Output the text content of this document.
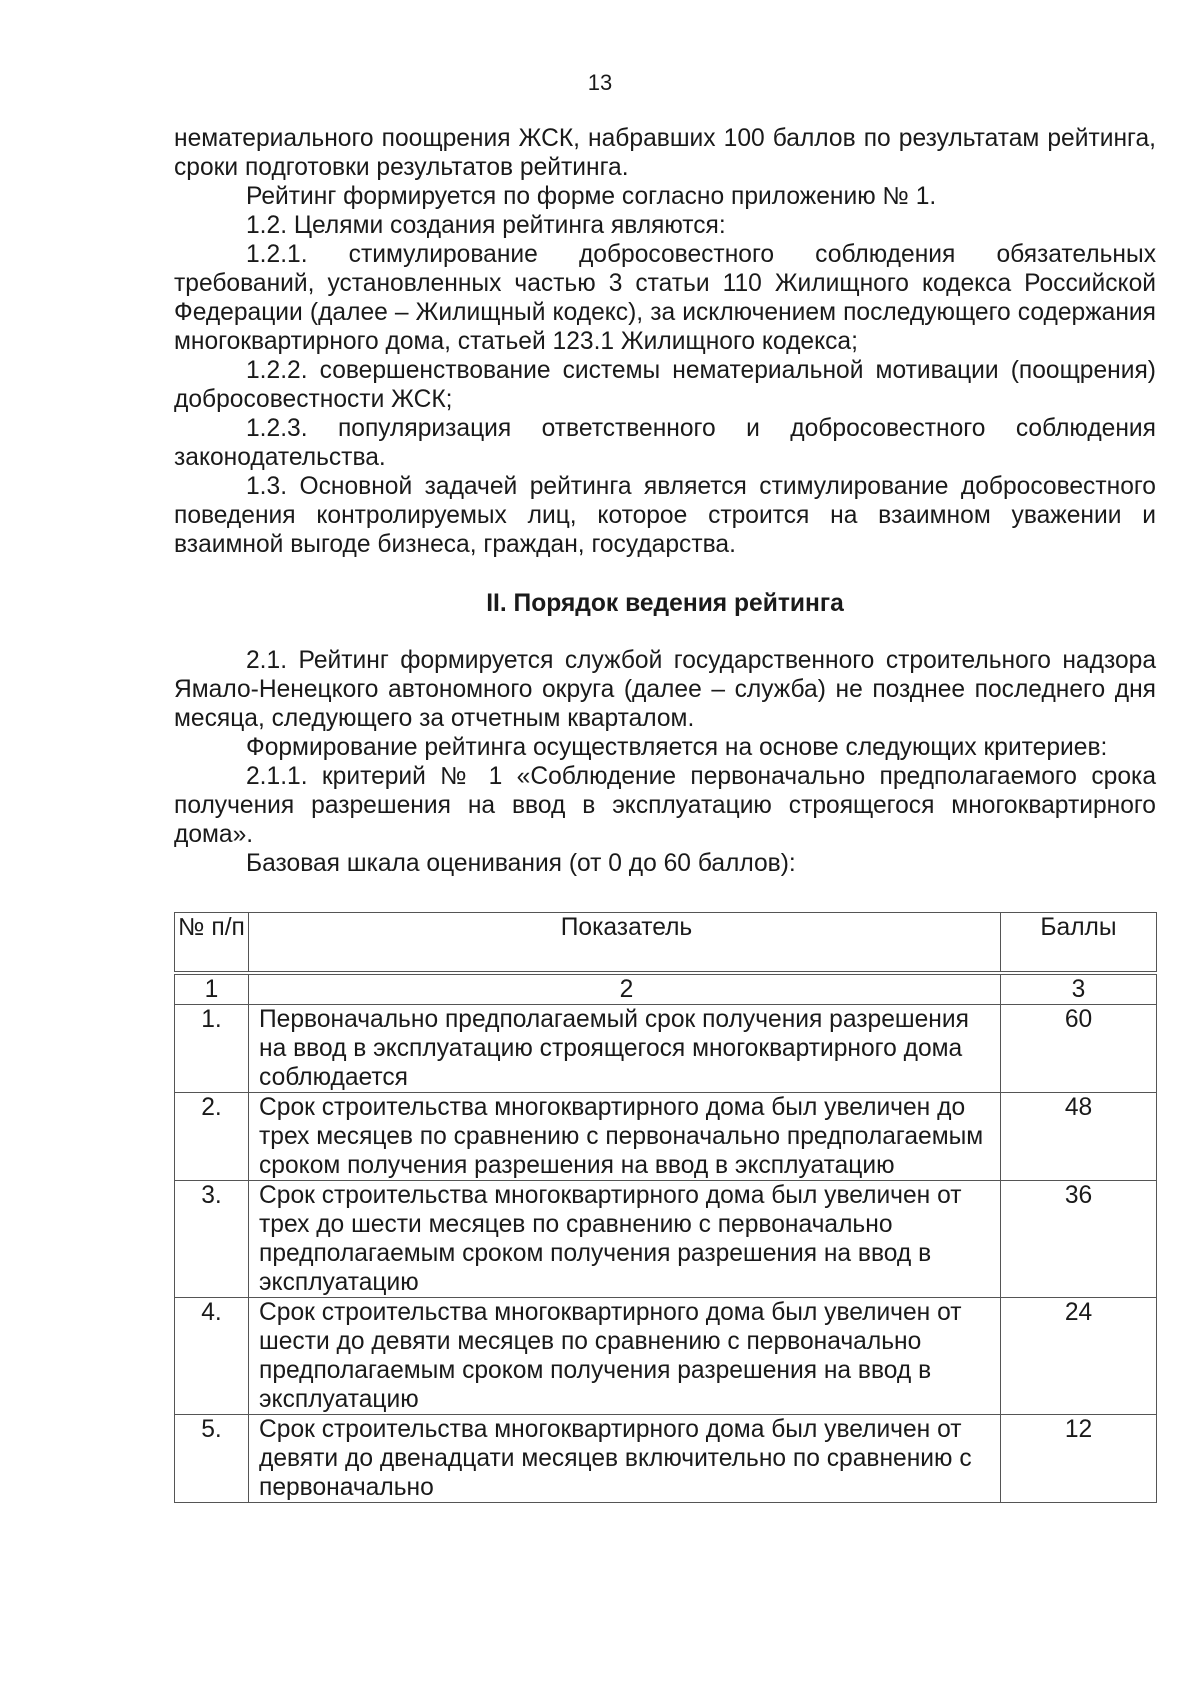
13

нематериального поощрения ЖСК, набравших 100 баллов по результатам рейтинга, сроки подготовки результатов рейтинга.

Рейтинг формируется по форме согласно приложению № 1.

1.2. Целями создания рейтинга являются:

1.2.1. стимулирование добросовестного соблюдения обязательных требований, установленных частью 3 статьи 110 Жилищного кодекса Российской Федерации (далее – Жилищный кодекс), за исключением последующего содержания многоквартирного дома, статьей 123.1 Жилищного кодекса;

1.2.2. совершенствование системы нематериальной мотивации (поощрения) добросовестности ЖСК;

1.2.3. популяризация ответственного и добросовестного соблюдения законодательства.

1.3. Основной задачей рейтинга является стимулирование добросовестного поведения контролируемых лиц, которое строится на взаимном уважении и взаимной выгоде бизнеса, граждан, государства.

II. Порядок ведения рейтинга

2.1. Рейтинг формируется службой государственного строительного надзора Ямало-Ненецкого автономного округа (далее – служба) не позднее последнего дня месяца, следующего за отчетным кварталом.

Формирование рейтинга осуществляется на основе следующих критериев:

2.1.1. критерий № 1 «Соблюдение первоначально предполагаемого срока получения разрешения на ввод в эксплуатацию строящегося многоквартирного дома».

Базовая шкала оценивания (от 0 до 60 баллов):

№ п/п	Показатель	Баллы
1	2	3
1.	Первоначально предполагаемый срок получения разрешения на ввод в эксплуатацию строящегося многоквартирного дома соблюдается	60
2.	Срок строительства многоквартирного дома был увеличен до трех месяцев по сравнению с первоначально предполагаемым сроком получения разрешения на ввод в эксплуатацию	48
3.	Срок строительства многоквартирного дома был увеличен от трех до шести месяцев по сравнению с первоначально предполагаемым сроком получения разрешения на ввод в эксплуатацию	36
4.	Срок строительства многоквартирного дома был увеличен от шести до девяти месяцев по сравнению с первоначально предполагаемым сроком получения разрешения на ввод в эксплуатацию	24
5.	Срок строительства многоквартирного дома был увеличен от девяти до двенадцати месяцев включительно по сравнению с первоначально	12
